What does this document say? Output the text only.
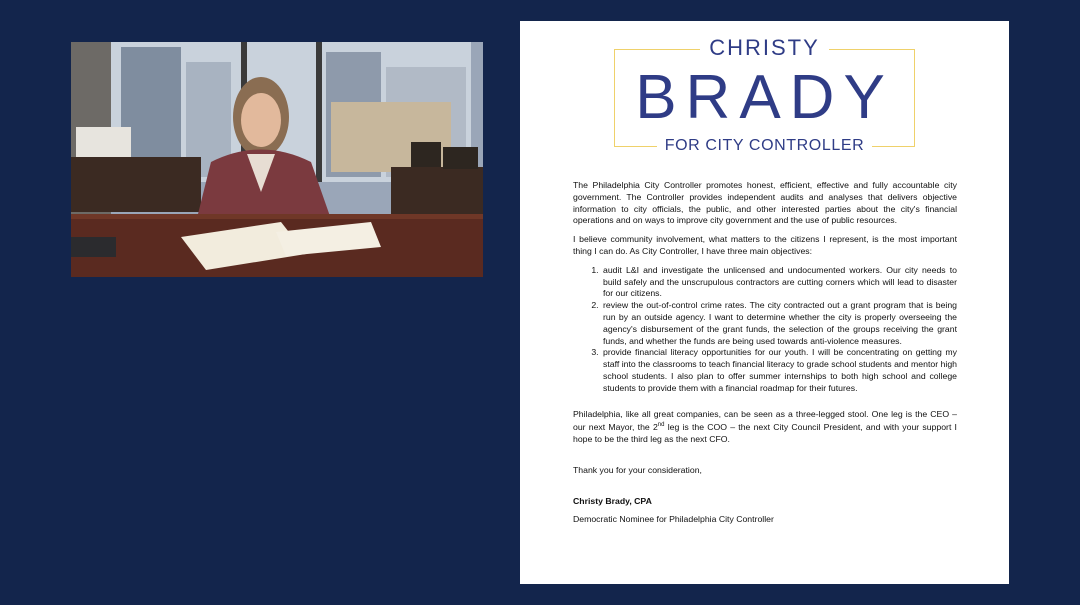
CHRISTY
BRADY
FOR CITY CONTROLLER

The Philadelphia City Controller promotes honest, efficient, effective and fully accountable city government. The Controller provides independent audits and analyses that delivers objective information to city officials, the public, and other interested parties about the city's financial operations and on ways to improve city government and the use of public resources.

I believe community involvement, what matters to the citizens I represent, is the most important thing I can do. As City Controller, I have three main objectives:

1. audit L&I and investigate the unlicensed and undocumented workers. Our city needs to build safely and the unscrupulous contractors are cutting corners which will lead to disaster for our citizens.
2. review the out-of-control crime rates. The city contracted out a grant program that is being run by an outside agency. I want to determine whether the city is properly overseeing the agency's disbursement of the grant funds, the selection of the groups receiving the grant funds, and whether the funds are being used towards anti-violence measures.
3. provide financial literacy opportunities for our youth. I will be concentrating on getting my staff into the classrooms to teach financial literacy to grade school students and mentor high school students. I also plan to offer summer internships to both high school and college students to provide them with a financial roadmap for their futures.

Philadelphia, like all great companies, can be seen as a three-legged stool. One leg is the CEO – our next Mayor, the 2nd leg is the COO – the next City Council President, and with your support I hope to be the third leg as the next CFO.

Thank you for your consideration,

Christy Brady, CPA

Democratic Nominee for Philadelphia City Controller
